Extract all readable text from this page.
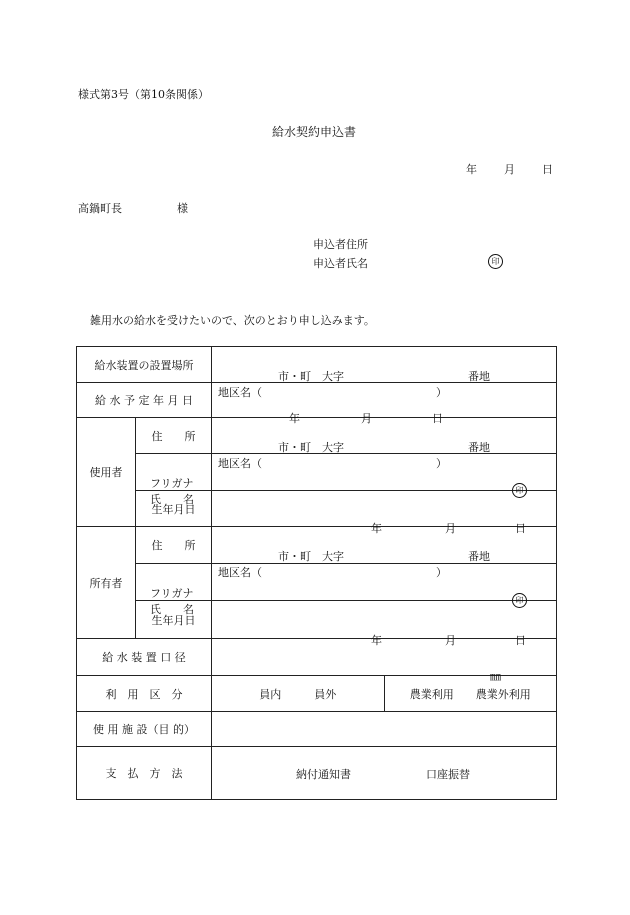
様式第3号（第10条関係）
給水契約申込書
年 月 日
高鍋町長　　　　　様
申込者住所
申込者氏名	印
雑用水の給水を受けたいので、次のとおり申し込みます。
給水装置の設置場所		市・町　大字 番地
地区名（ ）

給 水 予 定 年 月 日		年 月 日

使用者	住　　所	市・町　大字 番地
地区名（ ）

	フリガナ
氏　　名	印

	生年月日	年 月 日

所有者	住　　所	市・町　大字 番地
地区名（ ）

	フリガナ
氏　　名	印

	生年月日	年 月 日

給 水 装 置 口 径		㎜

利　用　区　分		員内　　　員外 農業利用　　農業外利用

使 用 施 設（目 的）		
支　払　方　法		納付通知書 口座振替
